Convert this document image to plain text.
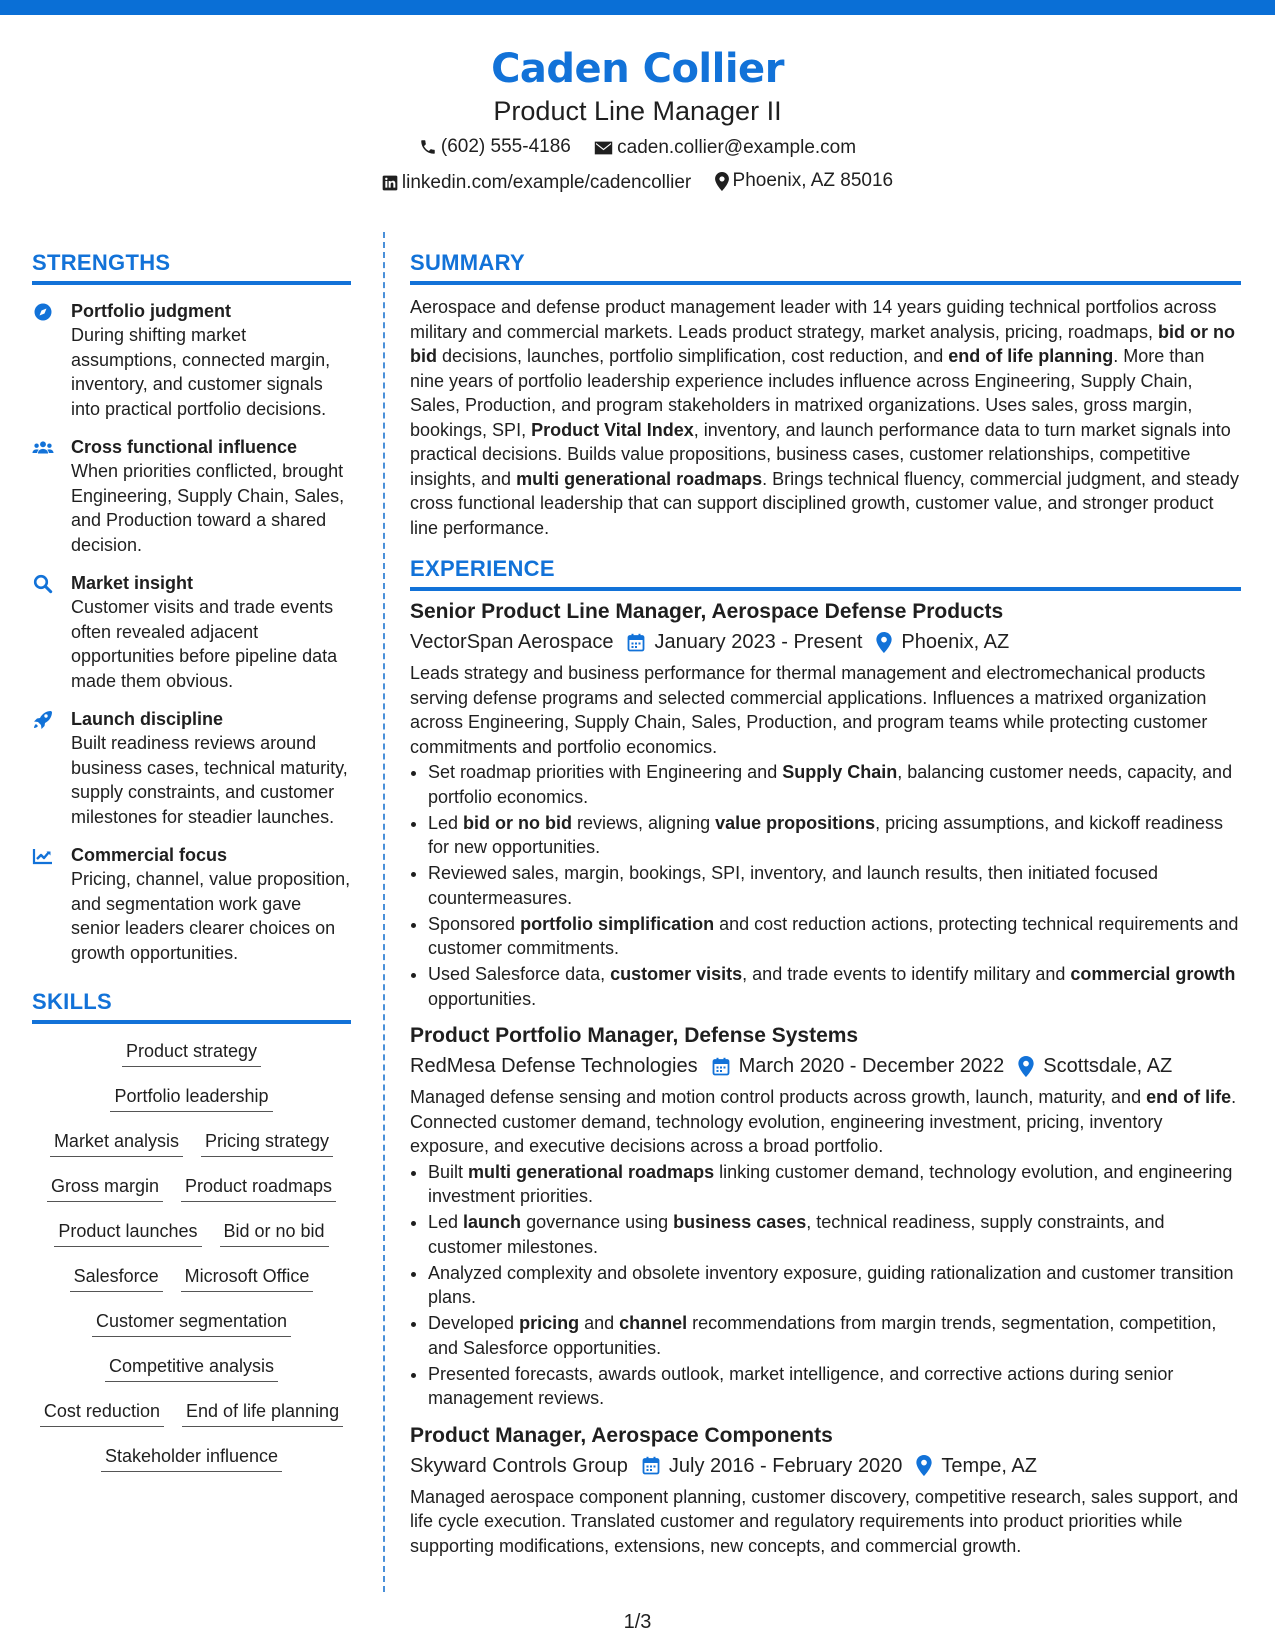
Caden Collier
Product Line Manager II
(602) 555-4186
caden.collier@example.com
linkedin.com/example/cadencollier
Phoenix, AZ 85016
STRENGTHS
Portfolio judgment
During shifting market assumptions, connected margin, inventory, and customer signals into practical portfolio decisions.
Cross functional influence
When priorities conflicted, brought Engineering, Supply Chain, Sales, and Production toward a shared decision.
Market insight
Customer visits and trade events often revealed adjacent opportunities before pipeline data made them obvious.
Launch discipline
Built readiness reviews around business cases, technical maturity, supply constraints, and customer milestones for steadier launches.
Commercial focus
Pricing, channel, value proposition, and segmentation work gave senior leaders clearer choices on growth opportunities.
SKILLS
Product strategy
Portfolio leadership
Market analysis Pricing strategy
Gross margin Product roadmaps
Product launches Bid or no bid
Salesforce Microsoft Office
Customer segmentation
Competitive analysis
Cost reduction End of life planning
Stakeholder influence
SUMMARY
Aerospace and defense product management leader with 14 years guiding technical portfolios across military and commercial markets. Leads product strategy, market analysis, pricing, roadmaps, bid or no bid decisions, launches, portfolio simplification, cost reduction, and end of life planning. More than nine years of portfolio leadership experience includes influence across Engineering, Supply Chain, Sales, Production, and program stakeholders in matrixed organizations. Uses sales, gross margin, bookings, SPI, Product Vital Index, inventory, and launch performance data to turn market signals into practical decisions. Builds value propositions, business cases, customer relationships, competitive insights, and multi generational roadmaps. Brings technical fluency, commercial judgment, and steady cross functional leadership that can support disciplined growth, customer value, and stronger product line performance.
EXPERIENCE
Senior Product Line Manager, Aerospace Defense Products
VectorSpan Aerospace January 2023 - Present Phoenix, AZ
Leads strategy and business performance for thermal management and electromechanical products serving defense programs and selected commercial applications. Influences a matrixed organization across Engineering, Supply Chain, Sales, Production, and program teams while protecting customer commitments and portfolio economics.
• Set roadmap priorities with Engineering and Supply Chain, balancing customer needs, capacity, and portfolio economics.
• Led bid or no bid reviews, aligning value propositions, pricing assumptions, and kickoff readiness for new opportunities.
• Reviewed sales, margin, bookings, SPI, inventory, and launch results, then initiated focused countermeasures.
• Sponsored portfolio simplification and cost reduction actions, protecting technical requirements and customer commitments.
• Used Salesforce data, customer visits, and trade events to identify military and commercial growth opportunities.
Product Portfolio Manager, Defense Systems
RedMesa Defense Technologies March 2020 - December 2022 Scottsdale, AZ
Managed defense sensing and motion control products across growth, launch, maturity, and end of life. Connected customer demand, technology evolution, engineering investment, pricing, inventory exposure, and executive decisions across a broad portfolio.
• Built multi generational roadmaps linking customer demand, technology evolution, and engineering investment priorities.
• Led launch governance using business cases, technical readiness, supply constraints, and customer milestones.
• Analyzed complexity and obsolete inventory exposure, guiding rationalization and customer transition plans.
• Developed pricing and channel recommendations from margin trends, segmentation, competition, and Salesforce opportunities.
• Presented forecasts, awards outlook, market intelligence, and corrective actions during senior management reviews.
Product Manager, Aerospace Components
Skyward Controls Group July 2016 - February 2020 Tempe, AZ
Managed aerospace component planning, customer discovery, competitive research, sales support, and life cycle execution. Translated customer and regulatory requirements into product priorities while supporting modifications, extensions, new concepts, and commercial growth.
1/3
